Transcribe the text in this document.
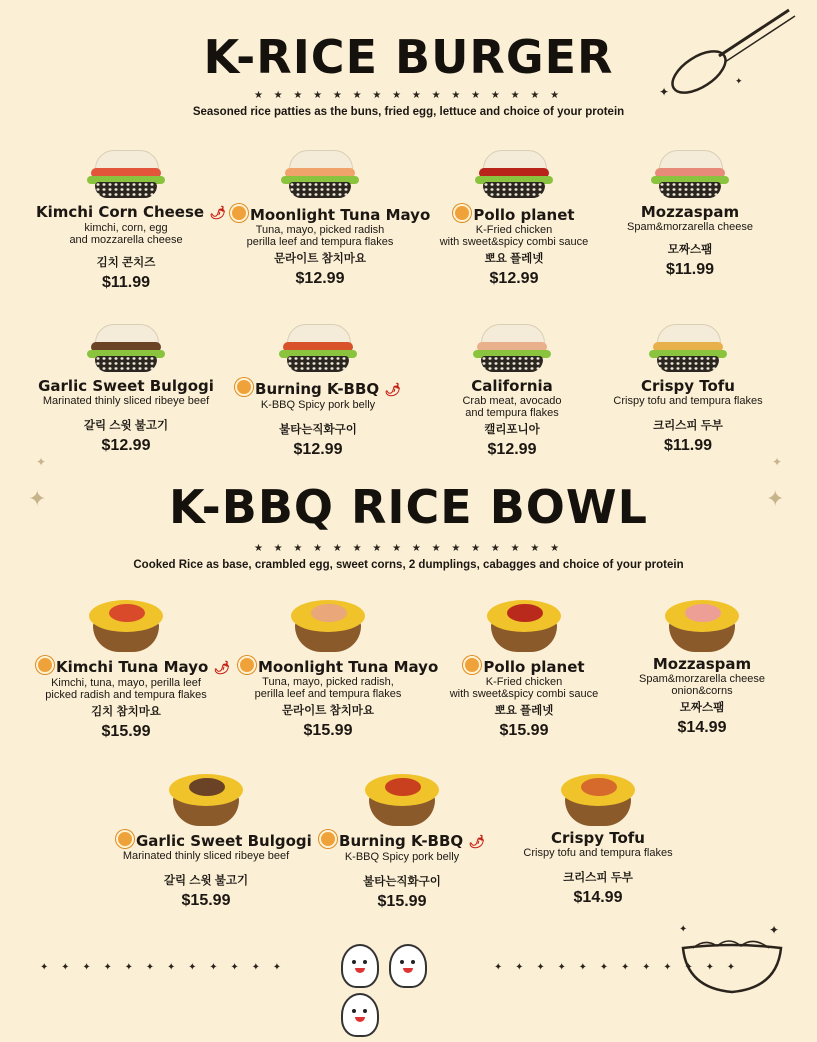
✦
✦
✦	✦
✦	✦
K-RICE BURGER
★ ★ ★ ★ ★ ★ ★ ★ ★ ★ ★ ★ ★ ★ ★ ★
Seasoned rice patties as the buns, fried egg, lettuce and choice of your protein
Kimchi Corn Cheese 🌶
kimchi, corn, egg
and mozzarella cheese
김치 콘치즈
$11.99
Moonlight Tuna Mayo
Tuna, mayo, picked radish
perilla leef and tempura flakes
문라이트 참치마요
$12.99
Pollo planet
K-Fried chicken
with sweet&spicy combi sauce
뽀요 플레넷
$12.99
Mozzaspam
Spam&morzarella cheese
모짜스팸
$11.99
Garlic Sweet Bulgogi
Marinated thinly sliced ribeye beef
갈릭 스윗 불고기
$12.99
Burning K-BBQ 🌶
K-BBQ Spicy pork belly
불타는직화구이
$12.99
California
Crab meat, avocado
and tempura flakes
캘리포니아
$12.99
Crispy Tofu
Crispy tofu and tempura flakes
크리스피 두부
$11.99
K-BBQ RICE BOWL
★ ★ ★ ★ ★ ★ ★ ★ ★ ★ ★ ★ ★ ★ ★ ★
Cooked Rice as base, crambled egg, sweet corns, 2 dumplings, cabagges and choice of your protein
Kimchi Tuna Mayo 🌶
Kimchi, tuna, mayo, perilla leef
picked radish and tempura flakes
김치 참치마요
$15.99
Moonlight Tuna Mayo
Tuna, mayo, picked radish,
perilla leef and tempura flakes
문라이트 참치마요
$15.99
Pollo planet
K-Fried chicken
with sweet&spicy combi sauce
뽀요 플레넷
$15.99
Mozzaspam
Spam&morzarella cheese
onion&corns
모짜스팸
$14.99
Garlic Sweet Bulgogi
Marinated thinly sliced ribeye beef
갈릭 스윗 불고기
$15.99
Burning K-BBQ 🌶
K-BBQ Spicy pork belly
불타는직화구이
$15.99
Crispy Tofu
Crispy tofu and tempura flakes
크리스피 두부
$14.99
✦ ✦ ✦ ✦ ✦ ✦ ✦ ✦ ✦ ✦ ✦ ✦	✦ ✦ ✦ ✦ ✦ ✦ ✦ ✦ ✦ ✦ ✦ ✦
✦	✦
